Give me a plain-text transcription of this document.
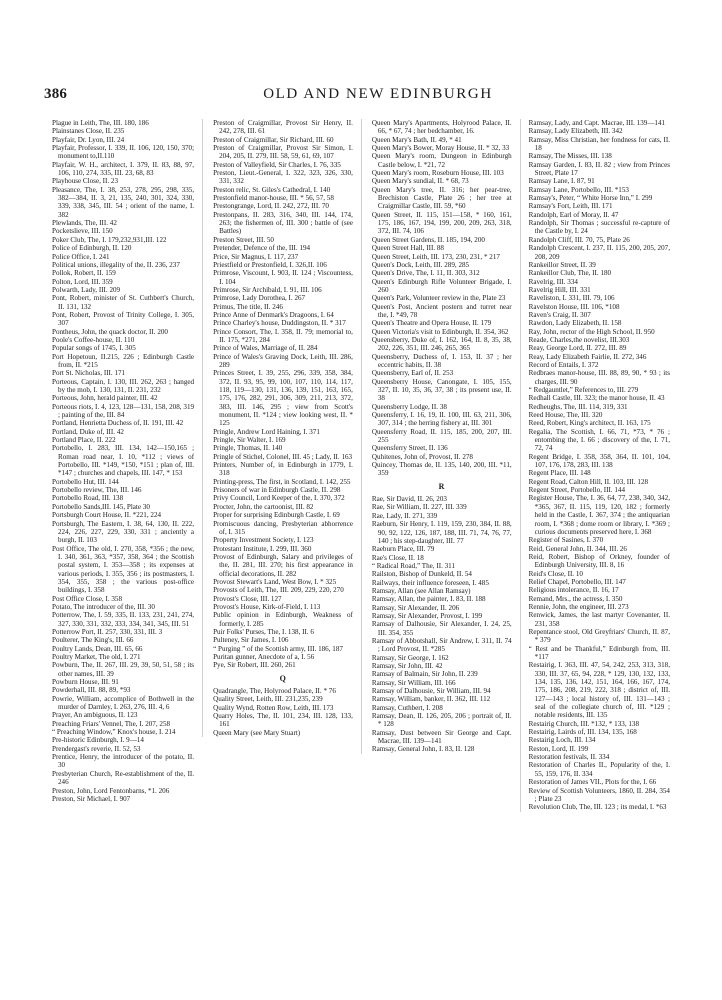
386	OLD AND NEW EDINBURGH

Plague in Leith, The, III. 180, 186

Plainstanes Close, II. 235

Playfair, Dr. Lyon, III. 24

Playfair, Professor, I. 339, II. 106, 120, 150, 370; monument to,II.110

Playfair, W. H., architect, I. 379, II. 83, 88, 97, 106, 110, 274, 335, III. 23, 68, 83

Playhouse Close, II. 23

Pleasance, The, I. 38, 253, 278, 295, 298, 335, 382—384, II. 3, 21, 135, 240, 301, 324, 330, 339, 338, 345, III. 54 ; orient of the name, I. 382

Plewlands, The, III. 42

Pocketslieve, III. 150

Poker Club, The, I. 179,232,931,III. 122

Police of Edinburgh, II. 120

Police Office, I. 241

Political unions, illegality of the, II. 236, 237

Pollok, Robert, II. 159

Polton, Lord, III. 359

Polwarth, Lady, III. 209

Pont, Robert, minister of St. Cuthbert's Church, II. 131, 132

Pont, Robert, Provost of Trinity College, I. 305, 307

Pontheus, John, the quack doctor, II. 200

Poole's Coffee-house, II. 110

Popular songs of 1745, I. 305

Port Hopetoun, II.215, 226 ; Edinburgh Castle from, II. *215

Port St. Nicholas, III. 171

Porteous, Captain, I. 130, III. 262, 263 ; hanged by the mob, I. 130, 131, II. 231, 232

Porteous, John, herald painter, III. 42

Porteous riots, I. 4, 123, 128—131, 158, 208, 319 ; painting of the, III. 84

Portland, Henrietta Duchess of, II. 191, III. 42

Portland, Duke of, III. 42

Portland Place, II. 222

Portobello, I. 283, III. 134, 142—150,165 ; Roman road near, I. 10, *112 ; views of Portobello, III. *149, *150, *151 ; plan of, III. *147 ; churches and chapels, III. 147, * 153

Portobello Hut, III. 144

Portobello review, The, III. 146

Portobello Road, III. 138

Portobello Sands,III. 145, Plate 30

Portsburgh Court House, II. *221, 224

Portsburgh, The Eastern, I. 38, 64, 130, II. 222, 224, 226, 227, 229, 330, 331 ; anciently a burgh, II. 103

Post Office, The old, I. 270, 358, *356 ; the new, I. 340, 361, 363, *357, 358, 364 ; the Scottish postal system, I. 353—358 ; its expenses at various periods, I. 355, 356 ; its postmasters, I. 354, 355, 358 ; the various post-office buildings, I. 358

Post Office Close, I. 358

Potato, The introducer of the, III. 30

Potterrow, The, I. 59, 335, II. 133, 231, 241, 274, 327, 330, 331, 332, 333, 334, 341, 345, III. 51

Potterrow Port, II. 257, 330, 331, III. 3

Poulterer, The King's, III. 66

Poultry Lands, Dean, III. 65, 66

Poultry Market, The old, I. 271

Powburn, The, II. 267, III. 29, 39, 50, 51, 58 ; its other names, III. 39

Powburn House, III. 91

Powderhall, III. 88, 89, *93

Powrie, William, accomplice of Bothwell in the murder of Darnley, I. 263, 276, III. 4, 6

Prayer, An ambiguous, II. 123

Preaching Friars' Vennel, The, I. 207, 258

“ Preaching Window,” Knox's house, I. 214

Pre-historic Edinburgh, I. 9—14

Prendergast's reverie, II. 52, 53

Prentice, Henry, the introducer of the potato, II. 30

Presbyterian Church, Re-establishment of the, II. 246

Preston, John, Lord Fentonbarns, *1. 206

Preston, Sir Michael, I. 907

Preston of Craigmillar, Provost Sir Henry, II. 242, 278, III. 61

Preston of Craigmillar, Sir Richard, III. 60

Preston of Craigmillar, Provost Sir Simon, I. 204, 205, II. 279, III. 58, 59, 61, 69, 107

Preston of Valleyfield, Sir Charles, I. 76, 335

Preston, Lieut.-General, I. 322, 323, 326, 330, 331, 332

Preston relic, St. Giles's Cathedral, I. 140

Prestonfield manor-house, III. * 56, 57, 58

Prestongrange, Lord, II. 242, 272, III. 70

Prestonpans, II. 283, 316, 340, III. 144, 174, 263; the fishermen of, III. 300 ; battle of (see Battles)

Preston Street, III. 50

Pretender, Defence of the, III. 194

Price, Sir Magnus, I. 117, 237

Priestfield or Prestonfield, I. 326,II. 106

Primrose, Viscount, I. 903, II. 124 ; Viscountess, I. 104

Primrose, Sir Archibald, I. 91, III. 106

Primrose, Lady Dorothea, I. 267

Primus, The title, II. 246

Prince Anne of Denmark's Dragoons, I. 64

Prince Charley's house, Duddingston, II. * 317

Prince Consort, The, I. 358, II. 79; memorial to, II. 175, *271, 284

Prince of Wales, Marriage of, II. 284

Prince of Wales's Graving Dock, Leith, III. 286, 289

Princes Street, I. 39, 255, 296, 339, 358, 384, 372, II. 93, 95, 99, 100, 107, 110, 114, 117, 118, 119—130, 131, 136, 139, 151, 163, 165, 175, 176, 282, 291, 306, 309, 211, 213, 372, 383, III. 146, 295 ; view from Scott's monument, II. *124 ; view looking west, II. * 125

Pringle, Andrew Lord Haining, I. 371

Pringle, Sir Walter, I. 169

Pringle, Thomas, II. 140

Pringle of Stichel, Colonel, III. 45 ; Lady, II. 163

Printers, Number of, in Edinburgh in 1779, I. 318

Printing-press, The first, in Scotland, I. 142, 255

Prisoners of war in Edinburgh Castle, II. 298

Privy Council, Lord Keeper of the, I. 370, 372

Procter, John, the cartoonist, III. 82

Proper for surprising Edinburgh Castle, I. 69

Promiscuous dancing, Presbyterian abhorrence of, I. 315

Property Investment Society, I. 123

Protestant Institute, I. 299, III. 360

Provost of Edinburgh, Salary and privileges of the, II. 281, III. 270; his first appearance in official decorations, II. 282

Provost Stewart's Land, West Bow, I. * 325

Provosts of Leith, The, III. 209, 229, 220, 270

Provost's Close, III. 127

Provost's House, Kirk-of-Field, I. 113

Public opinion in Edinburgh, Weakness of formerly, I. 285

Puir Folks' Purses, The, I. 138, II. 6

Pulteney, Sir James, I. 106

“ Purging ” of the Scottish army, III. 186, 187

Puritan gunner, Anecdote of a, I. 56

Pye, Sir Robert, III. 260, 261

Q

Quadrangle, The, Holyrood Palace, II. * 76

Quality Street, Leith, III. 231,235, 239

Quality Wynd, Rotten Row, Leith, III. 173

Quarry Holes, The, II. 101, 234, III. 128, 133, 161

Queen Mary (see Mary Stuart)

Queen Mary's Apartments, Holyrood Palace, II. 66, * 67, 74 ; her bedchamber, 16.

Queen Mary's Bath, II. 49, * 41

Queen Mary's Bower, Moray House, II. * 32, 33

Queen Mary's room, Dungeon in Edinburgh Castle below, I. *21, 72

Queen Mary's room, Roseburn House, III. 103

Queen Mary's sundial, II. * 68, 73

Queen Mary's tree, II. 316; her pear-tree, Brechiston Castle, Plate 26 ; her tree at Craigmillar Castle, III. 59, *60

Queen Street, II. 115, 151—158, * 160, 161, 175, 186, 167, 194, 199, 200, 209, 263, 318, 372, III. 74, 106

Queen Street Gardens, II. 185, 194, 200

Queen Street Hall, III. 88

Queen Street, Leith, III. 173, 230, 231, * 217

Queen's Dock, Leith, III. 289, 285

Queen's Drive, The, I. 11, II. 303, 312

Queen's Edinburgh Rifle Volunteer Brigade, I. 260

Queen's Park, Volunteer review in the, Plate 23

Queen's Post, Ancient postern and turret near the, I. *49, 78

Queen's Theatre and Opera House, II. 179

Queen Victoria's visit to Edinburgh, II. 354, 362

Queensberry, Duke of, I. 162, 164, II. 8, 35, 38, 202, 226, 351, III. 246, 265, 365

Queensberry, Duchess of, I. 153, II. 37 ; her eccentric habits, II. 38

Queensberry, Earl of, II. 253

Queensberry House, Canongate, I. 105, 155, 327, II. 10, 35, 36, 37, 38 ; its present use, II. 38

Queensberry Lodge, II. 38

Queensferry, I. 16, 19, II. 100, III. 63, 211, 306, 307, 314 ; the herring fishery at, III. 301

Queensferry Road, II. 115, 185, 200, 207, III. 255

Queensferry Street, II. 136

Quhitenes, John of, Provost, II. 278

Quincey, Thomas de, II. 135, 140, 200, III. *11, 359

R

Rae, Sir David, II. 26, 203

Rae, Sir William, II. 227, III. 339

Rae, Lady, II. 271, 339

Raeburn, Sir Henry, I. 119, 159, 230, 384, II. 88, 90, 92, 122, 126, 187, 188, III. 71, 74, 76, 77, 140 ; his step-daughter, III. 77

Raeburn Place, III. 79

Rae's Close, II. 18

“ Radical Road,” The, II. 311

Railston, Bishop of Dunkeld, II. 54

Railways, their influence foreseen, I. 485

Ramsay, Allan (see Allan Ramsay)

Ramsay, Allan, the painter, I. 83, II. 188

Ramsay, Sir Alexander, II. 206

Ramsay, Sir Alexander, Provost, I. 199

Ramsay of Dalhousie, Sir Alexander, I. 24, 25, III. 354, 355

Ramsay of Abbotshall, Sir Andrew, I. 311, II. 74 ; Lord Provost, II. *285

Ramsay, Sir George, I. 162

Ramsay, Sir John, III. 42

Ramsay of Balmain, Sir John, II. 239

Ramsay, Sir William, III. 166

Ramsay of Dalhousie, Sir William, III. 94

Ramsay, William, banker, II. 362, III. 112

Ramsay, Cuthbert, I. 208

Ramsay, Dean, II. 126, 205, 206 ; portrait of, II. * 128

Ramsay, Dust between Sir George and Capt. Macrae, III. 139—141

Ramsay, General John, I. 83, II. 128

Ramsay, Lady, and Capt. Macrae, III. 139—141

Ramsay, Lady Elizabeth, III. 342

Ramsay, Miss Christian, her fondness for cats, II. 18

Ramsay, The Misses, III. 138

Ramsay Garden, I. 83, II. 82 ; view from Princes Street, Plate 17

Ramsay Lane, I. 87, 91

Ramsay Lane, Portobello, III. *153

Ramsay's, Peter, “ White Horse Inn,” I. 299

Ramsay's Fort, Leith, III. 171

Randolph, Earl of Moray, II. 47

Randolph, Sir Thomas ; successful re-capture of the Castle by, I. 24

Randolph Cliff, III. 70, 75, Plate 26

Randolph Crescent, I. 237, II. 115, 200, 205, 207, 208, 209

Rankeillor Street, II. 39

Rankeillor Club, The, II. 180

Ravelrig, III. 334

Ravelrig Hill, III. 331

Raveliston, I. 331, III. 79, 106

Ravelston House, III. 106, *108

Raven's Craig, II. 307

Rawdon, Lady Elizabeth, II. 158

Ray, John, rector of the High School, II. 950

Reade, Charles,the novelist, III.303

Reay, George Lord, II. 272, III. 89

Reay, Lady Elizabeth Fairlie, II. 272, 346

Record of Entails, I. 372

Redbraes manor-house, III. 88, 89, 90, * 93 ; its charges, III. 90

“ Redgauntlet,” References to, III. 279

Redhall Castle, III. 323; the manor house, II. 43

Redheughs, The, III. 114, 319, 331

Reed House, The, III. 320

Reed, Robert, King's architect, II. 163, 175

Regalia, The Scottish, I. 66, 71, *73, * 76 ; entombing the, I. 66 ; discovery of the, I. 71, 72, 74

Regent Bridge, I. 358, 358, 364, II. 101, 104, 107, 176, 178, 283, III. 138

Regent Place, III. 148

Regent Road, Calton Hill, II. 103, III. 128

Regent Street, Portobello, III. 144

Register House, The, I. 36, 64, 77, 238, 340, 342, *365, 367, II. 115, 119, 120, 182 ; formerly held in the Castle, I. 367, 374 ; the antiquarian room, I. *368 ; dome room or library, I. *369 ; curious documents preserved here, I. 368

Register of Sasines, I. 370

Reid, General John, II. 344, III. 26

Reid, Robert, Bishop of Orkney, founder of Edinburgh University, III. 8, 16

Reid's Close, II. 10

Relief Chapel, Portobello, III. 147

Religious intolerance, II. 16, 17

Remand, Mrs., the actress, I. 350

Rennie, John, the engineer, III. 273

Renwick, James, the last martyr Covenanter, II. 231, 358

Repentance stool, Old Greyfriars' Church, II. 87, * 379

“ Rest and be Thankful,” Edinburgh from, III. *117

Restairig, I. 363, III. 47, 54, 242, 253, 313, 318, 330, III. 37, 65, 94, 228, * 129, 130, 132, 133, 134, 135, 136, 142, 151, 164, 166, 167, 174, 175, 186, 208, 219, 222, 318 ; district of, III. 127—143 ; local history of, III. 131—143 ; seal of the collegiate church of, III. *129 ; notable residents, III. 135

Restairig Church, III. *132, * 133, 138

Restairig, Lairds of, III. 134, 135, 168

Restairig Loch, III. 134

Reston, Lord, II. 199

Restoration festivals, II. 334

Restoration of Charles II., Popularity of the, I. 55, 159, 176, II. 334

Restoration of James VII., Plots for the, I. 66

Review of Scottish Volunteers, 1860, II. 284, 354 ; Plate 23

Revolution Club, The, III. 123 ; its medal, I. *63
